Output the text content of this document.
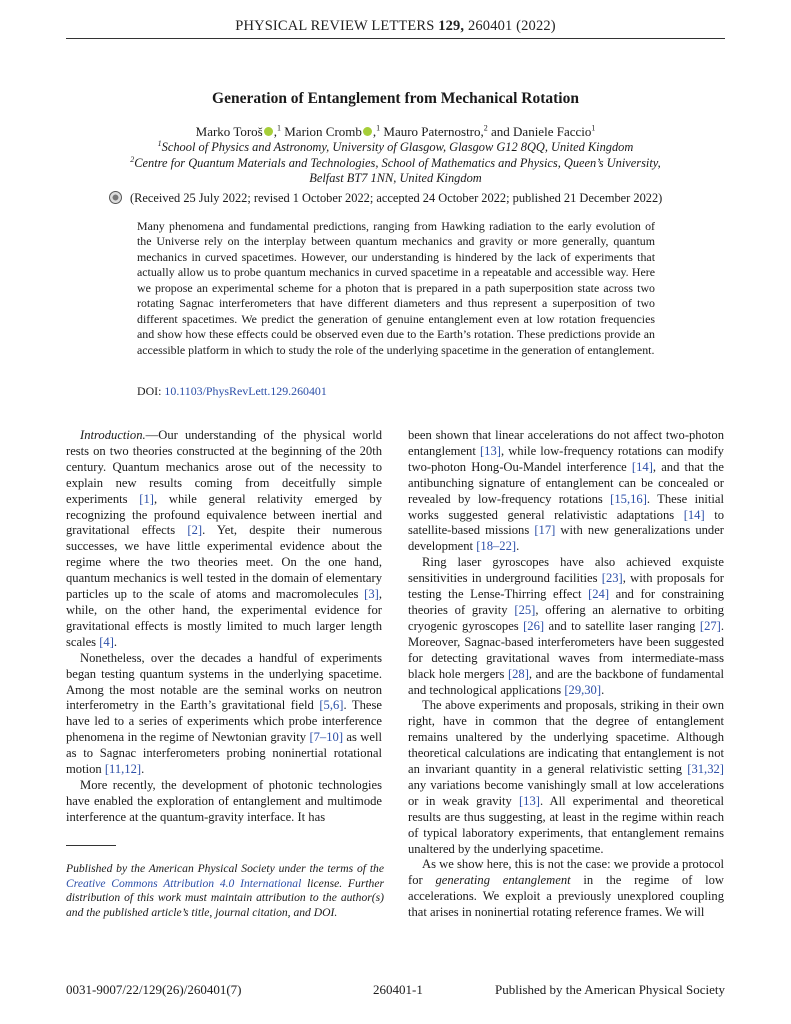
PHYSICAL REVIEW LETTERS 129, 260401 (2022)
Generation of Entanglement from Mechanical Rotation
Marko Toroš ,$^1$ Marion Cromb ,$^1$ Mauro Paternostro,$^2$ and Daniele Faccio$^1$
$^1$School of Physics and Astronomy, University of Glasgow, Glasgow G12 8QQ, United Kingdom
$^2$Centre for Quantum Materials and Technologies, School of Mathematics and Physics, Queen’s University,
Belfast BT7 1NN, United Kingdom
(Received 25 July 2022; revised 1 October 2022; accepted 24 October 2022; published 21 December 2022)
Many phenomena and fundamental predictions, ranging from Hawking radiation to the early evolution of the Universe rely on the interplay between quantum mechanics and gravity or more generally, quantum mechanics in curved spacetimes. However, our understanding is hindered by the lack of experiments that actually allow us to probe quantum mechanics in curved spacetime in a repeatable and accessible way. Here we propose an experimental scheme for a photon that is prepared in a path superposition state across two rotating Sagnac interferometers that have different diameters and thus represent a superposition of two different spacetimes. We predict the generation of genuine entanglement even at low rotation frequencies and show how these effects could be observed even due to the Earth’s rotation. These predictions provide an accessible platform in which to study the role of the underlying spacetime in the generation of entanglement.
DOI: 10.1103/PhysRevLett.129.260401

Introduction.—Our understanding of the physical world rests on two theories constructed at the beginning of the 20th century. Quantum mechanics arose out of the necessity to explain new results coming from deceitfully simple experiments [1], while general relativity emerged by recognizing the profound equivalence between inertial and gravitational effects [2]. Yet, despite their numerous successes, we have little experimental evidence about the regime where the two theories meet. On the one hand, quantum mechanics is well tested in the domain of elementary particles up to the scale of atoms and macromolecules [3], while, on the other hand, the experimental evidence for gravitational effects is mostly limited to much larger length scales [4].

Nonetheless, over the decades a handful of experiments began testing quantum systems in the underlying spacetime. Among the most notable are the seminal works on neutron interferometry in the Earth’s gravitational field [5,6]. These have led to a series of experiments which probe interference phenomena in the regime of Newtonian gravity [7–10] as well as to Sagnac interferometers probing noninertial rotational motion [11,12].

More recently, the development of photonic technologies have enabled the exploration of entanglement and multimode interference at the quantum-gravity interface. It has

Published by the American Physical Society under the terms of the Creative Commons Attribution 4.0 International license. Further distribution of this work must maintain attribution to the author(s) and the published article’s title, journal citation, and DOI.

been shown that linear accelerations do not affect two-photon entanglement [13], while low-frequency rotations can modify two-photon Hong-Ou-Mandel interference [14], and that the antibunching signature of entanglement can be concealed or revealed by low-frequency rotations [15,16]. These initial works suggested general relativistic adaptations [14] to satellite-based missions [17] with new generalizations under development [18–22].

Ring laser gyroscopes have also achieved exquiste sensitivities in underground facilities [23], with proposals for testing the Lense-Thirring effect [24] and for constraining theories of gravity [25], offering an alernative to orbiting cryogenic gyroscopes [26] and to satellite laser ranging [27]. Moreover, Sagnac-based interferometers have been suggested for detecting gravitational waves from intermediate-mass black hole mergers [28], and are the backbone of fundamental and technological applications [29,30].

The above experiments and proposals, striking in their own right, have in common that the degree of entanglement remains unaltered by the underlying spacetime. Although theoretical calculations are indicating that entanglement is not an invariant quantity in a general relativistic setting [31,32] any variations become vanishingly small at low accelerations or in weak gravity [13]. All experimental and theoretical results are thus suggesting, at least in the regime within reach of typical laboratory experiments, that entanglement remains unaltered by the underlying spacetime.

As we show here, this is not the case: we provide a protocol for generating entanglement in the regime of low accelerations. We exploit a previously unexplored coupling that arises in noninertial rotating reference frames. We will

0031-9007/22/129(26)/260401(7)	260401-1	Published by the American Physical Society
